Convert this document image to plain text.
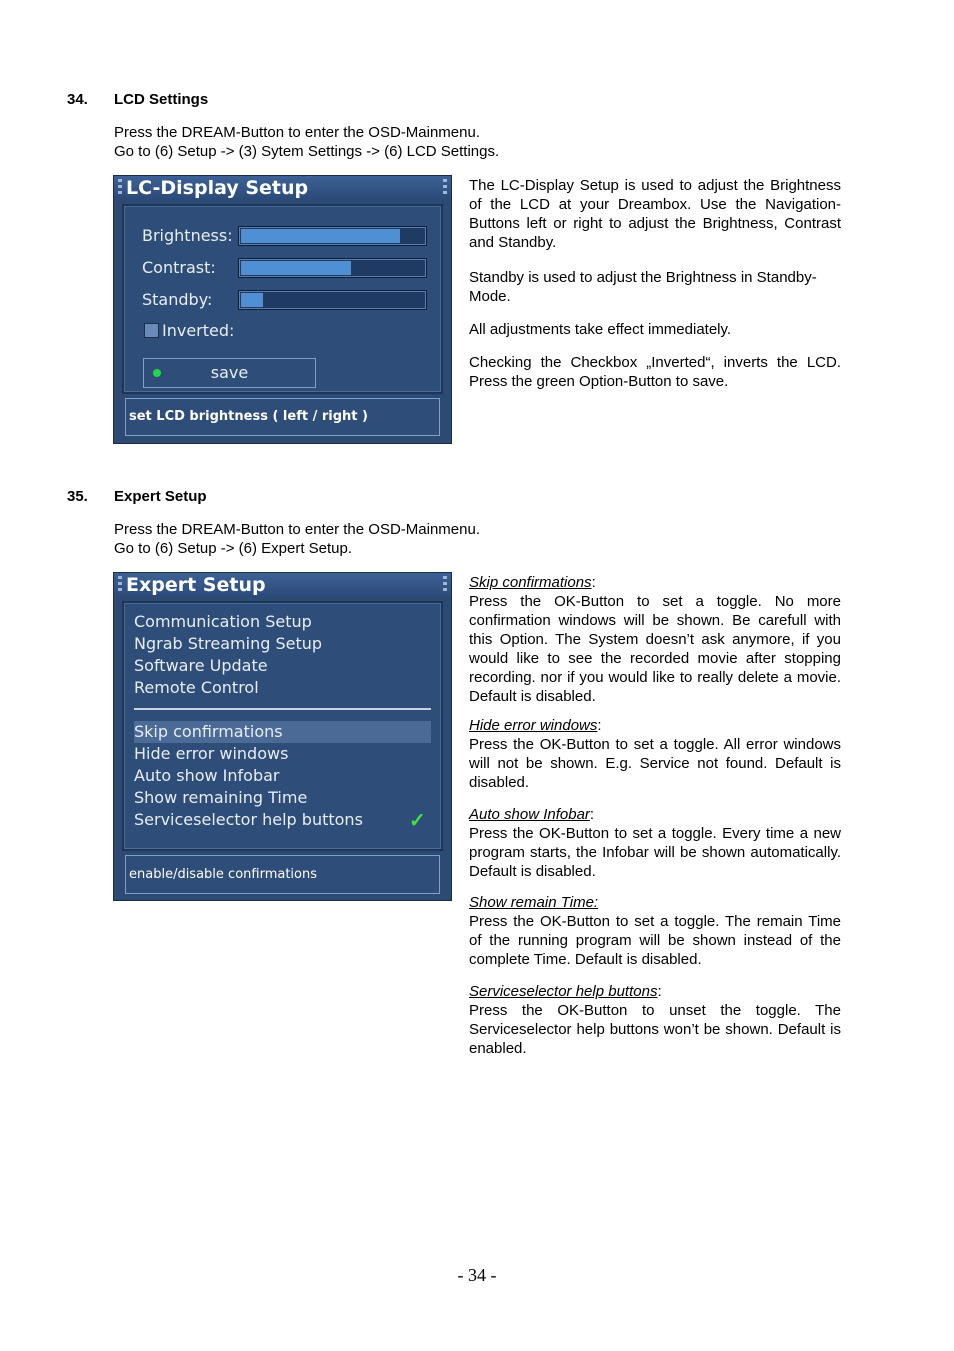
34. LCD Settings
Press the DREAM-Button to enter the OSD-Mainmenu.
Go to (6) Setup -> (3) Sytem Settings -> (6) LCD Settings.
LC-Display Setup
Brightness:
Contrast:
Standby:
Inverted:
save
set LCD brightness ( left / right )
The LC-Display Setup is used to adjust the Brightness of the LCD at your Dreambox. Use the Navigation-Buttons left or right to adjust the Brightness, Contrast and Standby.
Standby is used to adjust the Brightness in Standby-Mode.
All adjustments take effect immediately.
Checking the Checkbox „Inverted“, inverts the LCD. Press the green Option-Button to save.
35. Expert Setup
Press the DREAM-Button to enter the OSD-Mainmenu.
Go to (6) Setup -> (6) Expert Setup.
Expert Setup
Communication Setup
Ngrab Streaming Setup
Software Update
Remote Control
Skip confirmations
Hide error windows
Auto show Infobar
Show remaining Time
Serviceselector help buttons	✓
enable/disable confirmations
Skip confirmations:
Press the OK-Button to set a toggle. No more confirmation windows will be shown. Be carefull with this Option. The System doesn’t ask anymore, if you would like to see the recorded movie after stopping recording. nor if you would like to really delete a movie. Default is disabled.
Hide error windows:
Press the OK-Button to set a toggle. All error windows will not be shown. E.g. Service not found. Default is disabled.
Auto show Infobar:
Press the OK-Button to set a toggle. Every time a new program starts, the Infobar will be shown automatically. Default is disabled.
Show remain Time:
Press the OK-Button to set a toggle. The remain Time of the running program will be shown instead of the complete Time. Default is disabled.
Serviceselector help buttons:
Press the OK-Button to unset the toggle. The Serviceselector help buttons won’t be shown. Default is enabled.
- 34 -
